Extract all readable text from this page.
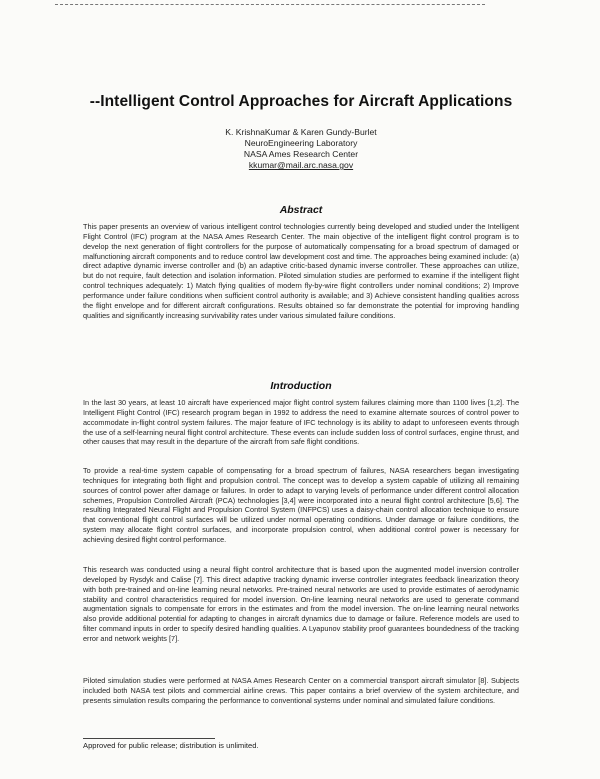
--Intelligent Control Approaches for Aircraft Applications
K. KrishnaKumar & Karen Gundy-Burlet
NeuroEngineering Laboratory
NASA Ames Research Center
kkumar@mail.arc.nasa.gov
Abstract

This paper presents an overview of various intelligent control technologies currently being developed and studied under the Intelligent Flight Control (IFC) program at the NASA Ames Research Center. The main objective of the intelligent flight control program is to develop the next generation of flight controllers for the purpose of automatically compensating for a broad spectrum of damaged or malfunctioning aircraft components and to reduce control law development cost and time. The approaches being examined include: (a) direct adaptive dynamic inverse controller and (b) an adaptive critic-based dynamic inverse controller. These approaches can utilize, but do not require, fault detection and isolation information. Piloted simulation studies are performed to examine if the intelligent flight control techniques adequately: 1) Match flying qualities of modern fly-by-wire flight controllers under nominal conditions; 2) Improve performance under failure conditions when sufficient control authority is available; and 3) Achieve consistent handling qualities across the flight envelope and for different aircraft configurations. Results obtained so far demonstrate the potential for improving handling qualities and significantly increasing survivability rates under various simulated failure conditions.

Introduction

In the last 30 years, at least 10 aircraft have experienced major flight control system failures claiming more than 1100 lives [1,2]. The Intelligent Flight Control (IFC) research program began in 1992 to address the need to examine alternate sources of control power to accommodate in-flight control system failures. The major feature of IFC technology is its ability to adapt to unforeseen events through the use of a self-learning neural flight control architecture. These events can include sudden loss of control surfaces, engine thrust, and other causes that may result in the departure of the aircraft from safe flight conditions.

To provide a real-time system capable of compensating for a broad spectrum of failures, NASA researchers began investigating techniques for integrating both flight and propulsion control. The concept was to develop a system capable of utilizing all remaining sources of control power after damage or failures. In order to adapt to varying levels of performance under different control allocation schemes, Propulsion Controlled Aircraft (PCA) technologies [3,4] were incorporated into a neural flight control architecture [5,6]. The resulting Integrated Neural Flight and Propulsion Control System (INFPCS) uses a daisy-chain control allocation technique to ensure that conventional flight control surfaces will be utilized under normal operating conditions. Under damage or failure conditions, the system may allocate flight control surfaces, and incorporate propulsion control, when additional control power is necessary for achieving desired flight control performance.

This research was conducted using a neural flight control architecture that is based upon the augmented model inversion controller developed by Rysdyk and Calise [7]. This direct adaptive tracking dynamic inverse controller integrates feedback linearization theory with both pre-trained and on-line learning neural networks. Pre-trained neural networks are used to provide estimates of aerodynamic stability and control characteristics required for model inversion. On-line learning neural networks are used to generate command augmentation signals to compensate for errors in the estimates and from the model inversion. The on-line learning neural networks also provide additional potential for adapting to changes in aircraft dynamics due to damage or failure. Reference models are used to filter command inputs in order to specify desired handling qualities. A Lyapunov stability proof guarantees boundedness of the tracking error and network weights [7].

Piloted simulation studies were performed at NASA Ames Research Center on a commercial transport aircraft simulator [8]. Subjects included both NASA test pilots and commercial airline crews. This paper contains a brief overview of the system architecture, and presents simulation results comparing the performance to conventional systems under nominal and simulated failure conditions.

Approved for public release; distribution is unlimited.
